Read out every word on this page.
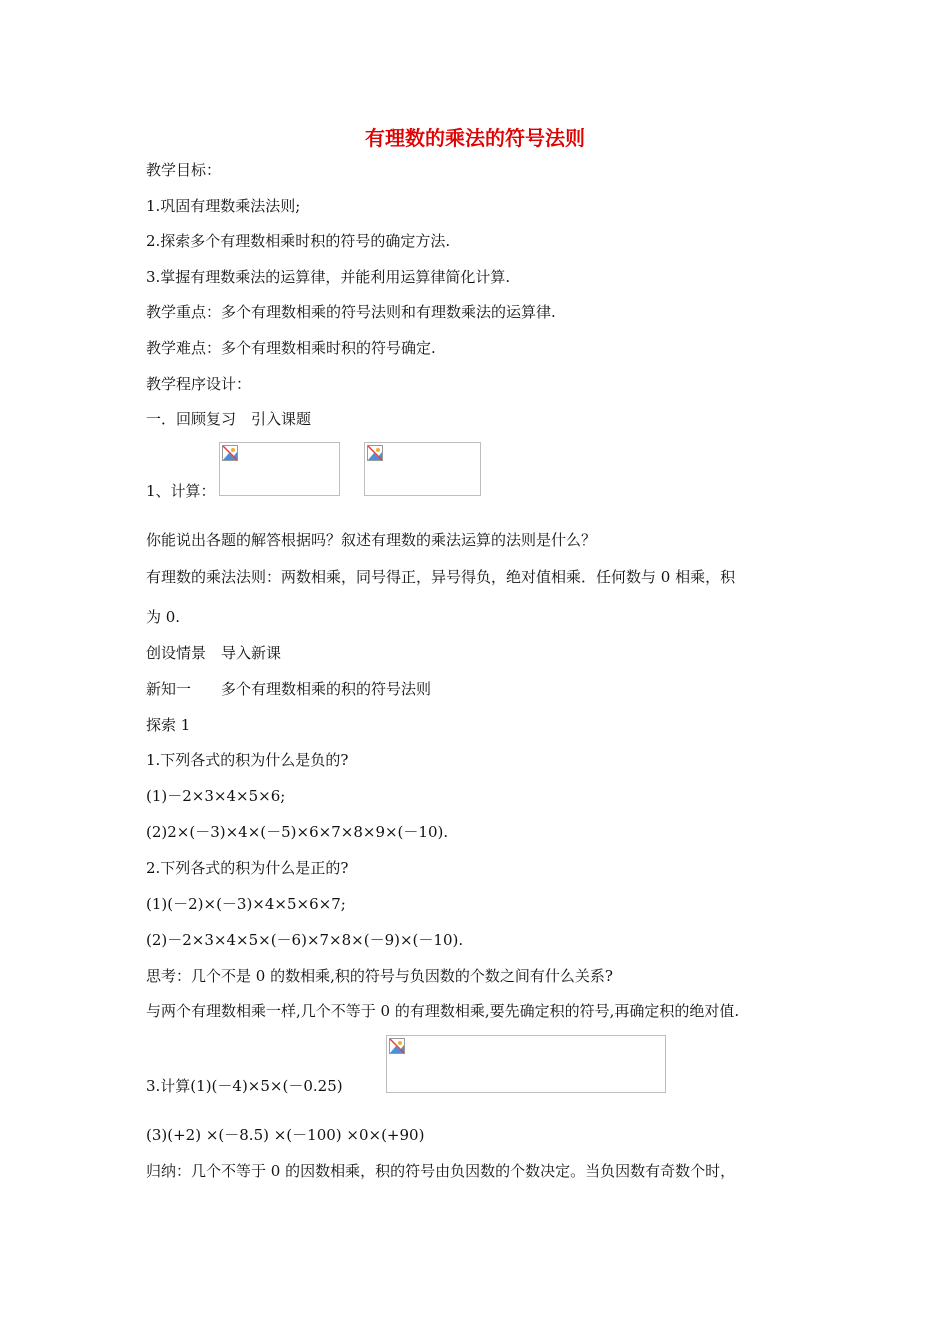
有理数的乘法的符号法则
教学目标：
1.巩固有理数乘法法则;
2.探索多个有理数相乘时积的符号的确定方法.
3.掌握有理数乘法的运算律，并能利用运算律简化计算.
教学重点：多个有理数相乘的符号法则和有理数乘法的运算律.
教学难点：多个有理数相乘时积的符号确定.
教学程序设计：
一．回顾复习　引入课题
1、计算：
你能说出各题的解答根据吗？叙述有理数的乘法运算的法则是什么？
有理数的乘法法则：两数相乘，同号得正，异号得负，绝对值相乘．任何数与 0 相乘，积
为 0.
创设情景　导入新课
新知一　　多个有理数相乘的积的符号法则
探索 1
1.下列各式的积为什么是负的?
(1)－2×3×4×5×6;
(2)2×(－3)×4×(－5)×6×7×8×9×(－10).
2.下列各式的积为什么是正的?
(1)(－2)×(－3)×4×5×6×7;
(2)－2×3×4×5×(－6)×7×8×(－9)×(－10).
思考：几个不是 0 的数相乘,积的符号与负因数的个数之间有什么关系?
与两个有理数相乘一样,几个不等于 0 的有理数相乘,要先确定积的符号,再确定积的绝对值.
3.计算(1)(－4)×5×(－0.25)
(3)(+2) ×(－8.5) ×(－100) ×0×(+90)
归纳：几个不等于 0 的因数相乘，积的符号由负因数的个数决定。当负因数有奇数个时，
